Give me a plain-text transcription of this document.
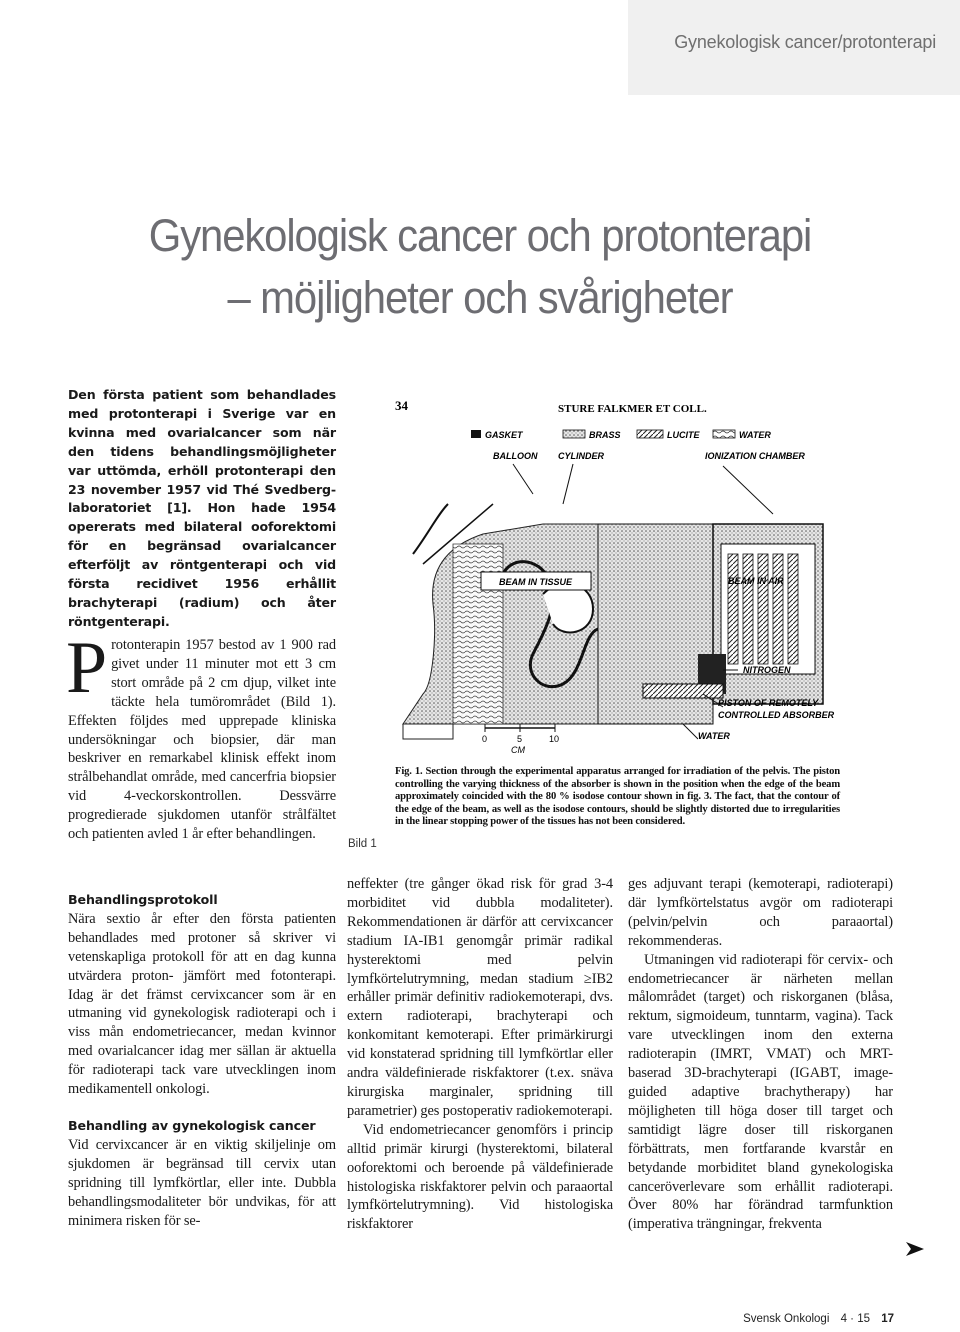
Gynekologisk cancer/protonterapi
Gynekologisk cancer och protonterapi
– möjligheter och svårigheter
Den första patient som behandlades med protonterapi i Sverige var en kvinna med ovarialcancer som när den tidens behandlingsmöjligheter var uttömda, erhöll protonterapi den 23 november 1957 vid Thé Svedberg-laboratoriet [1]. Hon hade 1954 opererats med bilateral ooforektomi för en begränsad ovarialcancer efterföljt av röntgenterapi och vid första recidivet 1956 erhållit brachyterapi (radium) och åter röntgenterapi.

Protonterapin 1957 bestod av 1 900 rad givet under 11 minuter mot ett 3 cm stort område på 2 cm djup, vilket inte täckte hela tumörområdet (Bild 1). Effekten följdes med upprepade kliniska undersökningar och biopsier, där man beskriver en remarkabel klinisk effekt inom strålbehandlat område, med cancerfria biopsier vid 4-veckorskontrollen. Dessvärre progredierade sjukdomen utanför strålfältet och patienten avled 1 år efter behandlingen.

Behandlingsprotokoll

Nära sextio år efter den första patienten behandlades med protoner så skriver vi vetenskapliga protokoll för att en dag kunna utvärdera proton- jämfört med fotonterapi. Idag är det främst cervixcancer som är en utmaning vid gynekologisk radioterapi och i viss mån endometriecancer, medan kvinnor med ovarialcancer idag mer sällan är aktuella för radioterapi tack vare utvecklingen inom medikamentell onkologi.

Behandling av gynekologisk cancer

Vid cervixcancer är en viktig skiljelinje om sjukdomen är begränsad till cervix utan spridning till lymfkörtlar, eller inte. Dubbla behandlingsmodaliteter bör undvikas, för att minimera risken för se-

neffekter (tre gånger ökad risk för grad 3-4 morbiditet vid dubbla modaliteter). Rekommendationen är därför att cervixcancer stadium IA-IB1 genomgår primär radikal hysterektomi med pelvin lymfkörtelutrymning, medan stadium ≥IB2 erhåller primär definitiv radiokemoterapi, dvs. extern radioterapi, brachyterapi och konkomitant kemoterapi. Efter primärkirurgi vid konstaterad spridning till lymfkörtlar eller andra väldefinierade riskfaktorer (t.ex. snäva kirurgiska marginaler, spridning till parametrier) ges postoperativ radiokemoterapi.

Vid endometriecancer genomförs i princip alltid primär kirurgi (hysterektomi, bilateral ooforektomi och beroende på väldefinierade histologiska riskfaktorer pelvin och paraaortal lymfkörtelutrymning). Vid histologiska riskfaktorer

ges adjuvant terapi (kemoterapi, radioterapi) där lymfkörtelstatus avgör om radioterapi (pelvin/pelvin och paraaortal) rekommenderas.

Utmaningen vid radioterapi för cervix- och endometriecancer är närheten mellan målområdet (target) och riskorganen (blåsa, rektum, sigmoideum, tunntarm, vagina). Tack vare utvecklingen inom den externa radioterapin (IMRT, VMAT) och MRT-baserad 3D-brachyterapi (IGABT, image-guided adaptive brachytherapy) har möjligheten till höga doser till target och samtidigt lägre doser till riskorganen förbättrats, men fortfarande kvarstår en betydande morbiditet bland gynekologiska canceröverlevare som erhållit radioterapi. Över 80% har förändrad tarmfunktion (imperativa trängningar, frekventa

Bild 1
34	STURE FALKMER ET COLL.
GASKET	BRASS	LUCITE	WATER
BALLOON CYLINDER	IONIZATION CHAMBER
BEAM IN TISSUE	BEAM IN AIR
NITROGEN
PISTON OF REMOTELY
CONTROLLED ABSORBER
WATER
0	5	10
CM
Fig. 1. Section through the experimental apparatus arranged for irradiation of the pelvis. The piston controlling the varying thickness of the absorber is shown in the position when the edge of the beam approximately coincided with the 80 % isodose contour shown in fig. 3. The fact, that the contour of the edge of the beam, as well as the isodose contours, should be slightly distorted due to irregularities in the linear stopping power of the tissues has not been considered.
Svensk Onkologi 4 · 15 17
